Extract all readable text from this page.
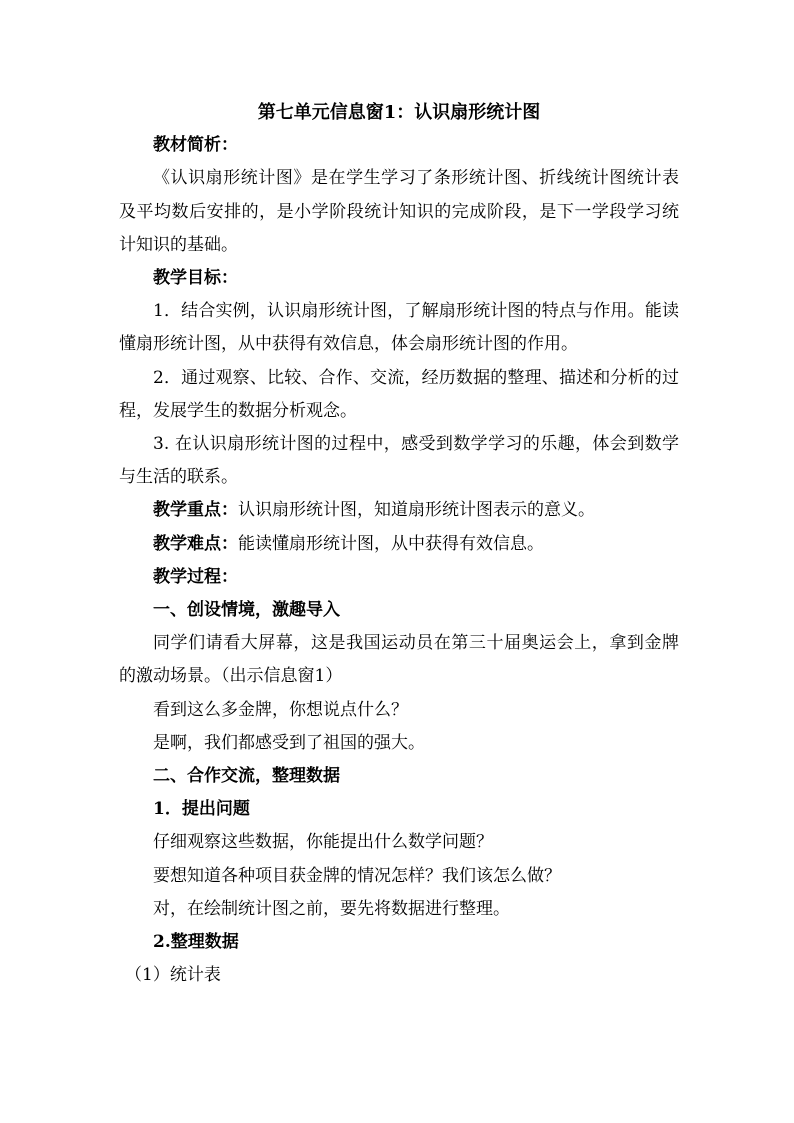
第七单元信息窗1：认识扇形统计图

教材简析：

《认识扇形统计图》是在学生学习了条形统计图、折线统计图统计表及平均数后安排的，是小学阶段统计知识的完成阶段，是下一学段学习统计知识的基础。

教学目标：

1．结合实例，认识扇形统计图，了解扇形统计图的特点与作用。能读懂扇形统计图，从中获得有效信息，体会扇形统计图的作用。

2．通过观察、比较、合作、交流，经历数据的整理、描述和分析的过程，发展学生的数据分析观念。

3. 在认识扇形统计图的过程中，感受到数学学习的乐趣，体会到数学与生活的联系。

教学重点：认识扇形统计图，知道扇形统计图表示的意义。

教学难点：能读懂扇形统计图，从中获得有效信息。

教学过程：

一、创设情境，激趣导入

同学们请看大屏幕，这是我国运动员在第三十届奥运会上，拿到金牌的激动场景。（出示信息窗1）

看到这么多金牌，你想说点什么？

是啊，我们都感受到了祖国的强大。

二、合作交流，整理数据

1．提出问题

仔细观察这些数据，你能提出什么数学问题？

要想知道各种项目获金牌的情况怎样？我们该怎么做？

对，在绘制统计图之前，要先将数据进行整理。

2.整理数据

（1）统计表
